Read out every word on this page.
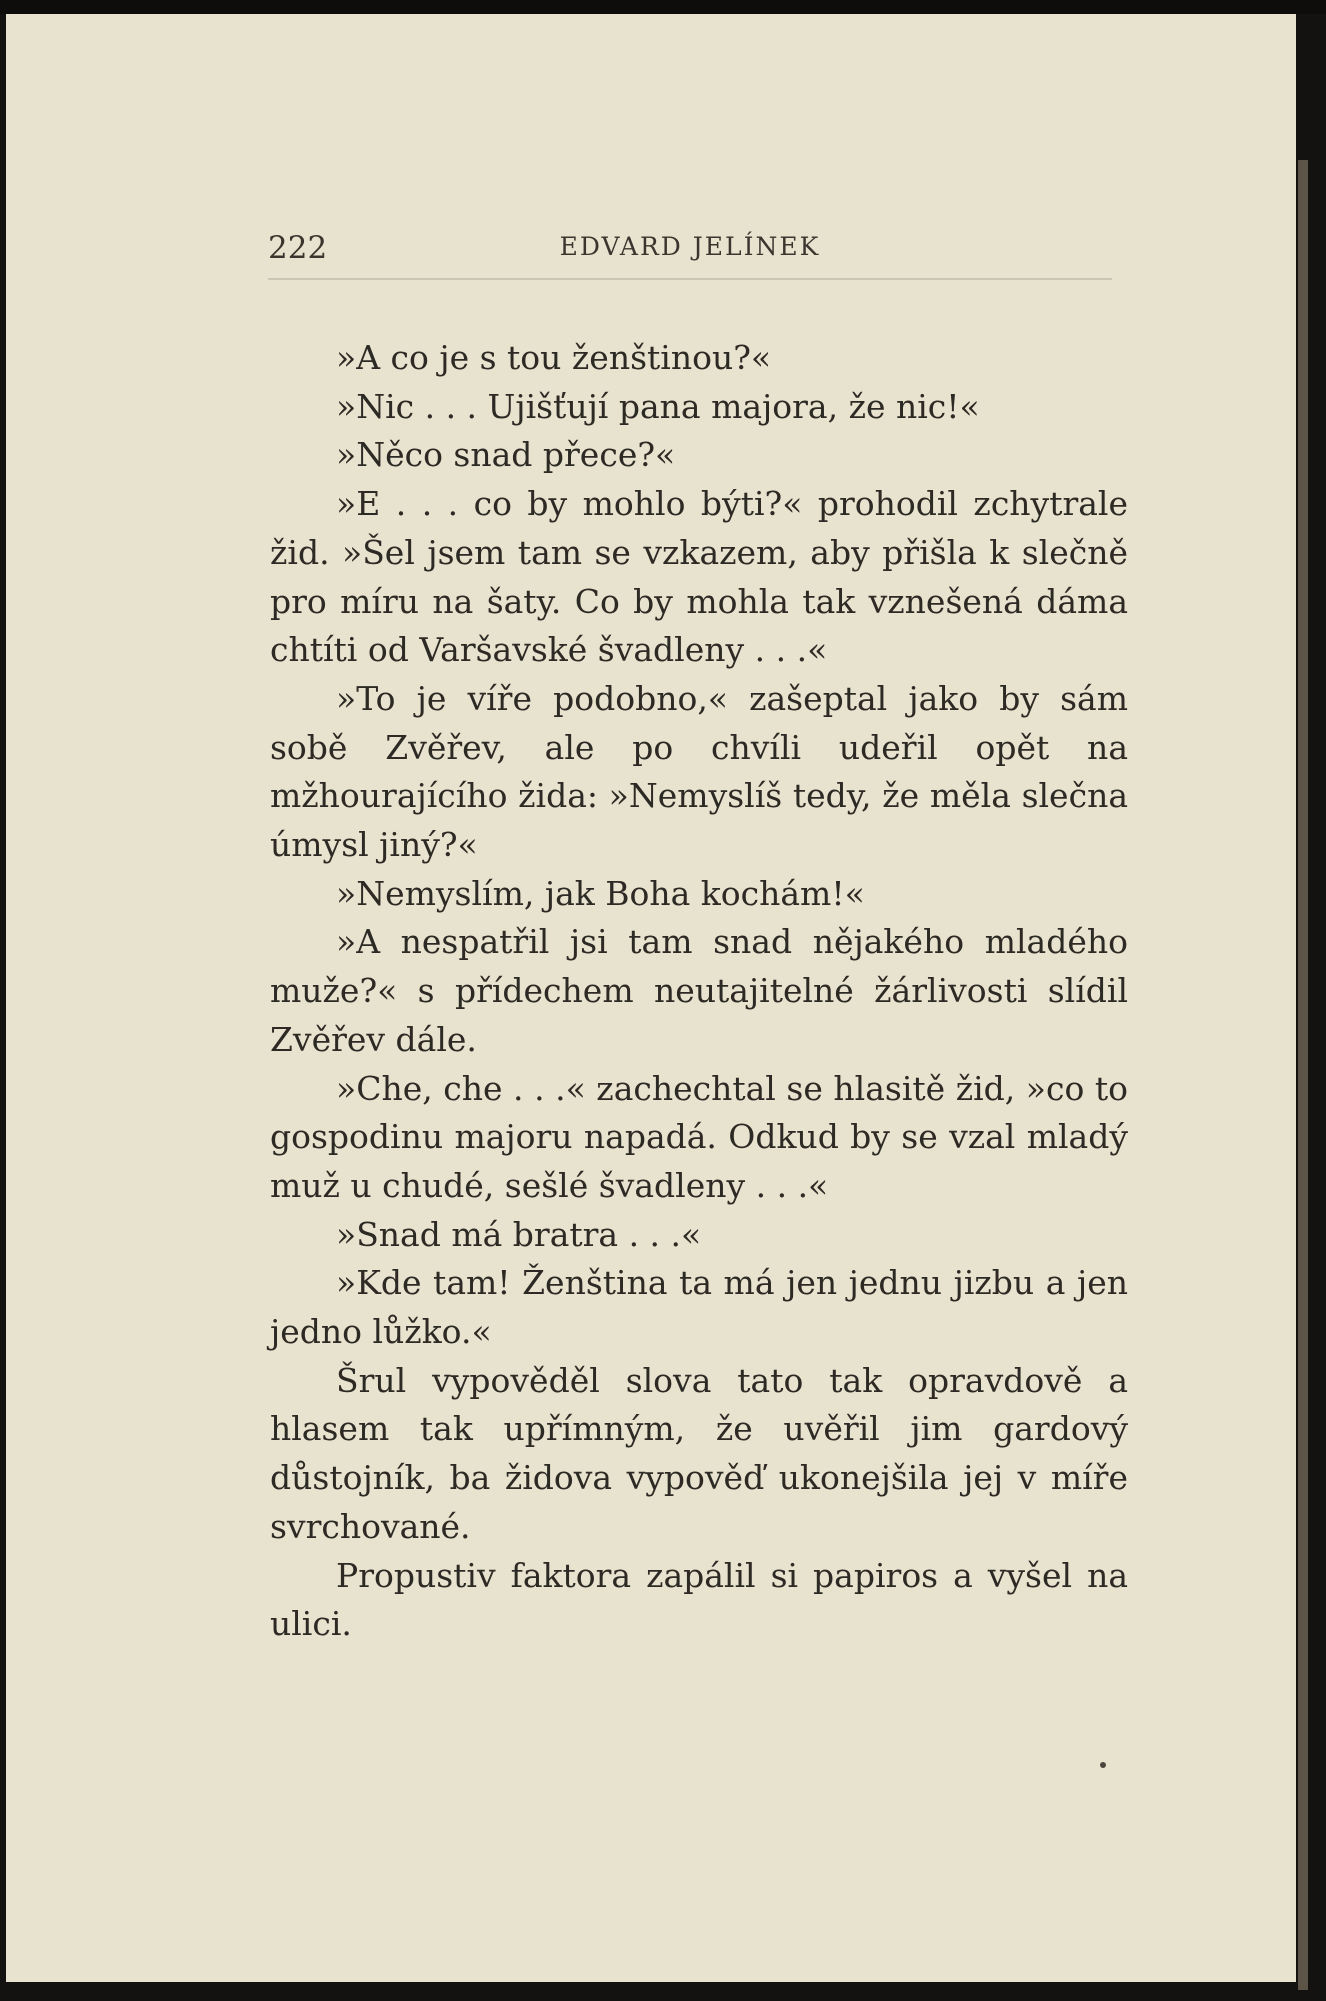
222	EDVARD JELÍNEK

»A co je s tou ženštinou?«

»Nic . . . Ujišťují pana majora, že nic!«

»Něco snad přece?«

»E . . . co by mohlo býti?« prohodil zchytrale žid. »Šel jsem tam se vzkazem, aby přišla k slečně pro míru na šaty. Co by mohla tak vznešená dáma chtíti od Varšavské švadleny . . .«

»To je víře podobno,« zašeptal jako by sám sobě Zvěřev, ale po chvíli udeřil opět na mžhourajícího žida: »Nemyslíš tedy, že měla slečna úmysl jiný?«

»Nemyslím, jak Boha kochám!«

»A nespatřil jsi tam snad nějakého mladého muže?« s přídechem neutajitelné žárlivosti slídil Zvěřev dále.

»Che, che . . .« zachechtal se hlasitě žid, »co to gospodinu majoru napadá. Odkud by se vzal mladý muž u chudé, sešlé švadleny . . .«

»Snad má bratra . . .«

»Kde tam! Ženština ta má jen jednu jizbu a jen jedno lůžko.«

Šrul vypověděl slova tato tak opravdově a hlasem tak upřímným, že uvěřil jim gardový důstojník, ba židova vypověď ukonejšila jej v míře svrchované.

Propustiv faktora zapálil si papiros a vyšel na ulici.
